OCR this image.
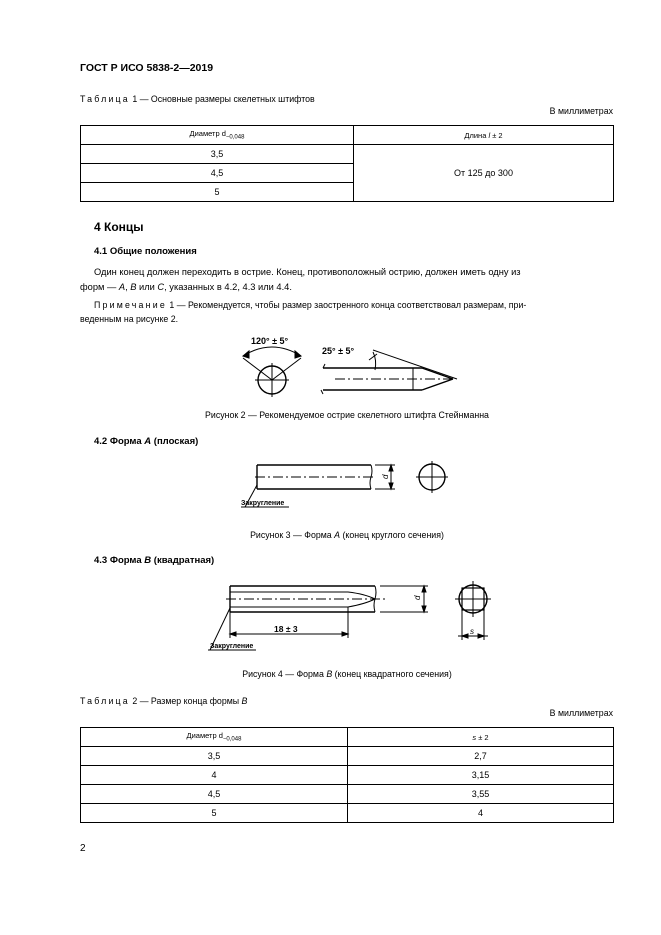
ГОСТ Р ИСО 5838-2—2019
Таблица 1 — Основные размеры скелетных штифтов
В миллиметрах
Диаметр $d_{-0,048}$	Длина l ± 2
3,5	От 125 до 300
4,5	
5	
4 Концы
4.1 Общие положения
Один конец должен переходить в острие. Конец, противоположный острию, должен иметь одну из
форм — A, B или C, указанных в 4.2, 4.3 или 4.4.
Примечание 1 — Рекомендуется, чтобы размер заостренного конца соответствовал размерам, при-
веденным на рисунке 2.
120° ± 5°
25° ± 5°
Рисунок 2 — Рекомендуемое острие скелетного штифта Стейнманна
4.2 Форма A (плоская)
d
Закругление
Рисунок 3 — Форма A (конец круглого сечения)
4.3 Форма B (квадратная)
d
18 ± 3	s
Закругление
Рисунок 4 — Форма B (конец квадратного сечения)
Таблица 2 — Размер конца формы B
В миллиметрах
Диаметр $d_{-0,048}$	s ± 2
3,5	2,7
4	3,15
4,5	3,55
5	4
2
